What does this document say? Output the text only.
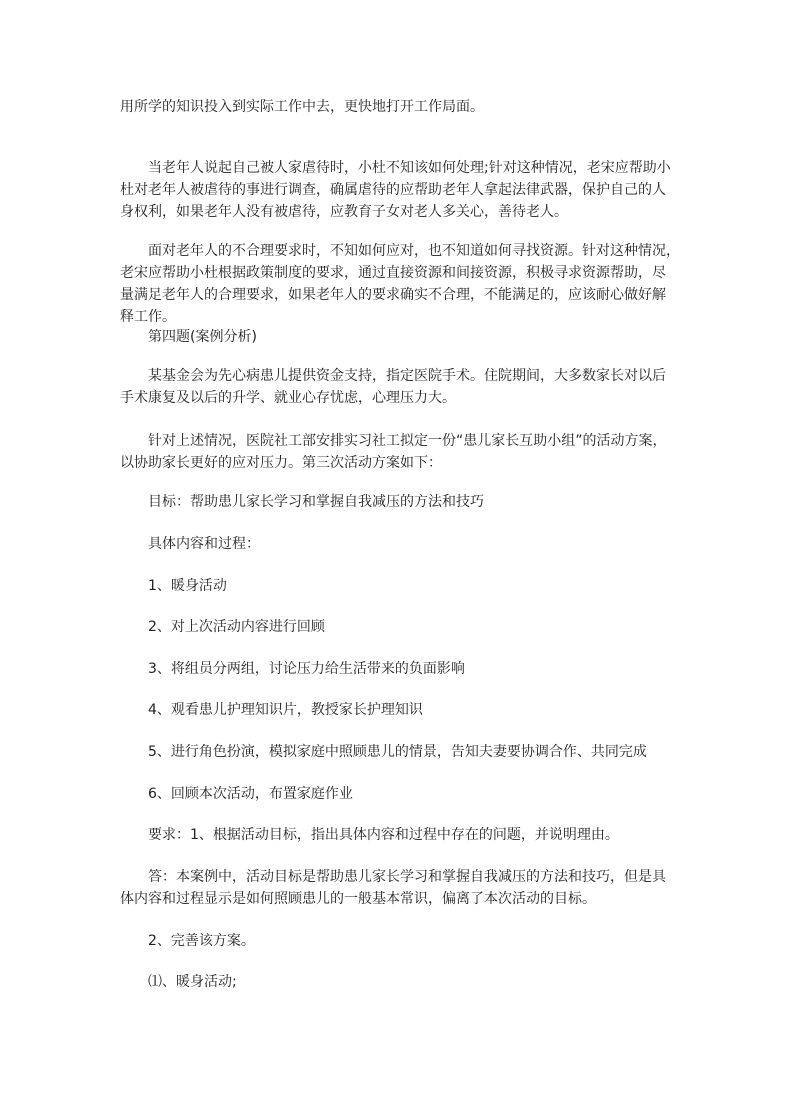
用所学的知识投入到实际工作中去，更快地打开工作局面。

　　当老年人说起自己被人家虐待时，小杜不知该如何处理;针对这种情况，老宋应帮助小
杜对老年人被虐待的事进行调查，确属虐待的应帮助老年人拿起法律武器，保护自己的人
身权利，如果老年人没有被虐待，应教育子女对老人多关心，善待老人。

　　面对老年人的不合理要求时，不知如何应对，也不知道如何寻找资源。针对这种情况，
老宋应帮助小杜根据政策制度的要求，通过直接资源和间接资源，积极寻求资源帮助，尽
量满足老年人的合理要求，如果老年人的要求确实不合理，不能满足的，应该耐心做好解
释工作。

　　第四题(案例分析)

　　某基金会为先心病患儿提供资金支持，指定医院手术。住院期间，大多数家长对以后
手术康复及以后的升学、就业心存忧虑，心理压力大。

　　针对上述情况，医院社工部安排实习社工拟定一份“患儿家长互助小组”的活动方案，
以协助家长更好的应对压力。第三次活动方案如下：

　　目标：帮助患儿家长学习和掌握自我减压的方法和技巧

　　具体内容和过程：

　　1、暖身活动

　　2、对上次活动内容进行回顾

　　3、将组员分两组，讨论压力给生活带来的负面影响

　　4、观看患儿护理知识片，教授家长护理知识

　　5、进行角色扮演，模拟家庭中照顾患儿的情景，告知夫妻要协调合作、共同完成

　　6、回顾本次活动，布置家庭作业

　　要求：1、根据活动目标，指出具体内容和过程中存在的问题，并说明理由。

　　答：本案例中，活动目标是帮助患儿家长学习和掌握自我减压的方法和技巧，但是具
体内容和过程显示是如何照顾患儿的一般基本常识，偏离了本次活动的目标。

　　2、完善该方案。

　　⑴、暖身活动;
